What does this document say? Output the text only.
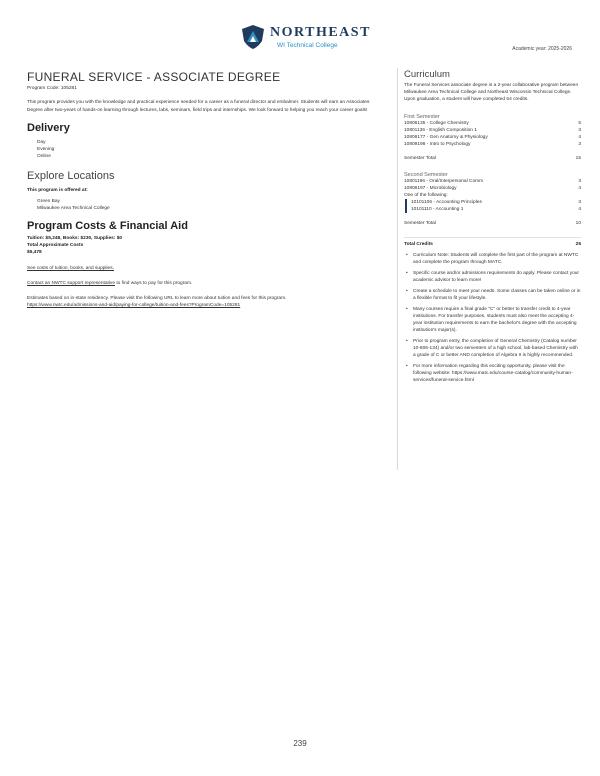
NORTHEAST
WI Technical College	Academic year: 2025-2026
FUNERAL SERVICE - ASSOCIATE DEGREE
Program Code: 105281
This program provides you with the knowledge and practical experience needed for a career as a funeral director and embalmer. Students will earn an Associates Degree after two-years of hands-on learning through lectures, labs, seminars, field trips and internships. We look forward to helping you reach your career goals!
Delivery
Day
Evening
Online
Explore Locations
This program is offered at:
Green Bay
Milwaukee Area Technical College
Program Costs & Financial Aid
Tuition: $5,248, Books: $230, Supplies: $0
Total Approximate Costs
$5,478
See costs of tuition, books, and supplies.
Contact an NWTC support representative to find ways to pay for this program.
Estimates based on in-state residency. Please visit the following URL to learn more about tuition and fees for this program.
https://www.nwtc.edu/admissions-and-aid/paying-for-college/tuition-and-fees?ProgramCode=105281
Curriculum
The Funeral Services associate degree is a 2-year collaborative program between Milwaukee Area Technical College and Northeast Wisconsin Technical College. Upon graduation, a student will have completed 64 credits.
First Semester
10806135 - College Chemistry	5
10801136 - English Composition 1	3
10806177 - Gen Anatomy & Physiology	4
10809198 - Intro to Psychology	3
Semester Total	15
Second Semester
10801196 - Oral/Interpersonal Comm	3
10806197 - Microbiology	4
One of the following:
10101106 - Accounting Principles	3
10101110 - Accounting 1	4
Semester Total	10
Total Credits	25
• Curriculum Note: Students will complete the first part of the program at NWTC and complete the program through MATC.
• Specific course and/or admissions requirements do apply. Please contact your academic advisor to learn more!
• Create a schedule to meet your needs. Some classes can be taken online or in a flexible format to fit your lifestyle.
• Many courses require a final grade "C" or better to transfer credit to 4-year institutions. For transfer purposes, students must also meet the accepting 4-year institution requirements to earn the bachelor's degree with the accepting institution's major(s).
• Prior to program entry, the completion of General Chemistry (Catalog number 10-806-134) and/or two semesters of a high school, lab-based Chemistry with a grade of C or better AND completion of Algebra II is highly recommended.
• For more information regarding this exciting opportunity, please visit the following website: https://www.matc.edu/course-catalog/community-human-services/funeral-service.html
239
